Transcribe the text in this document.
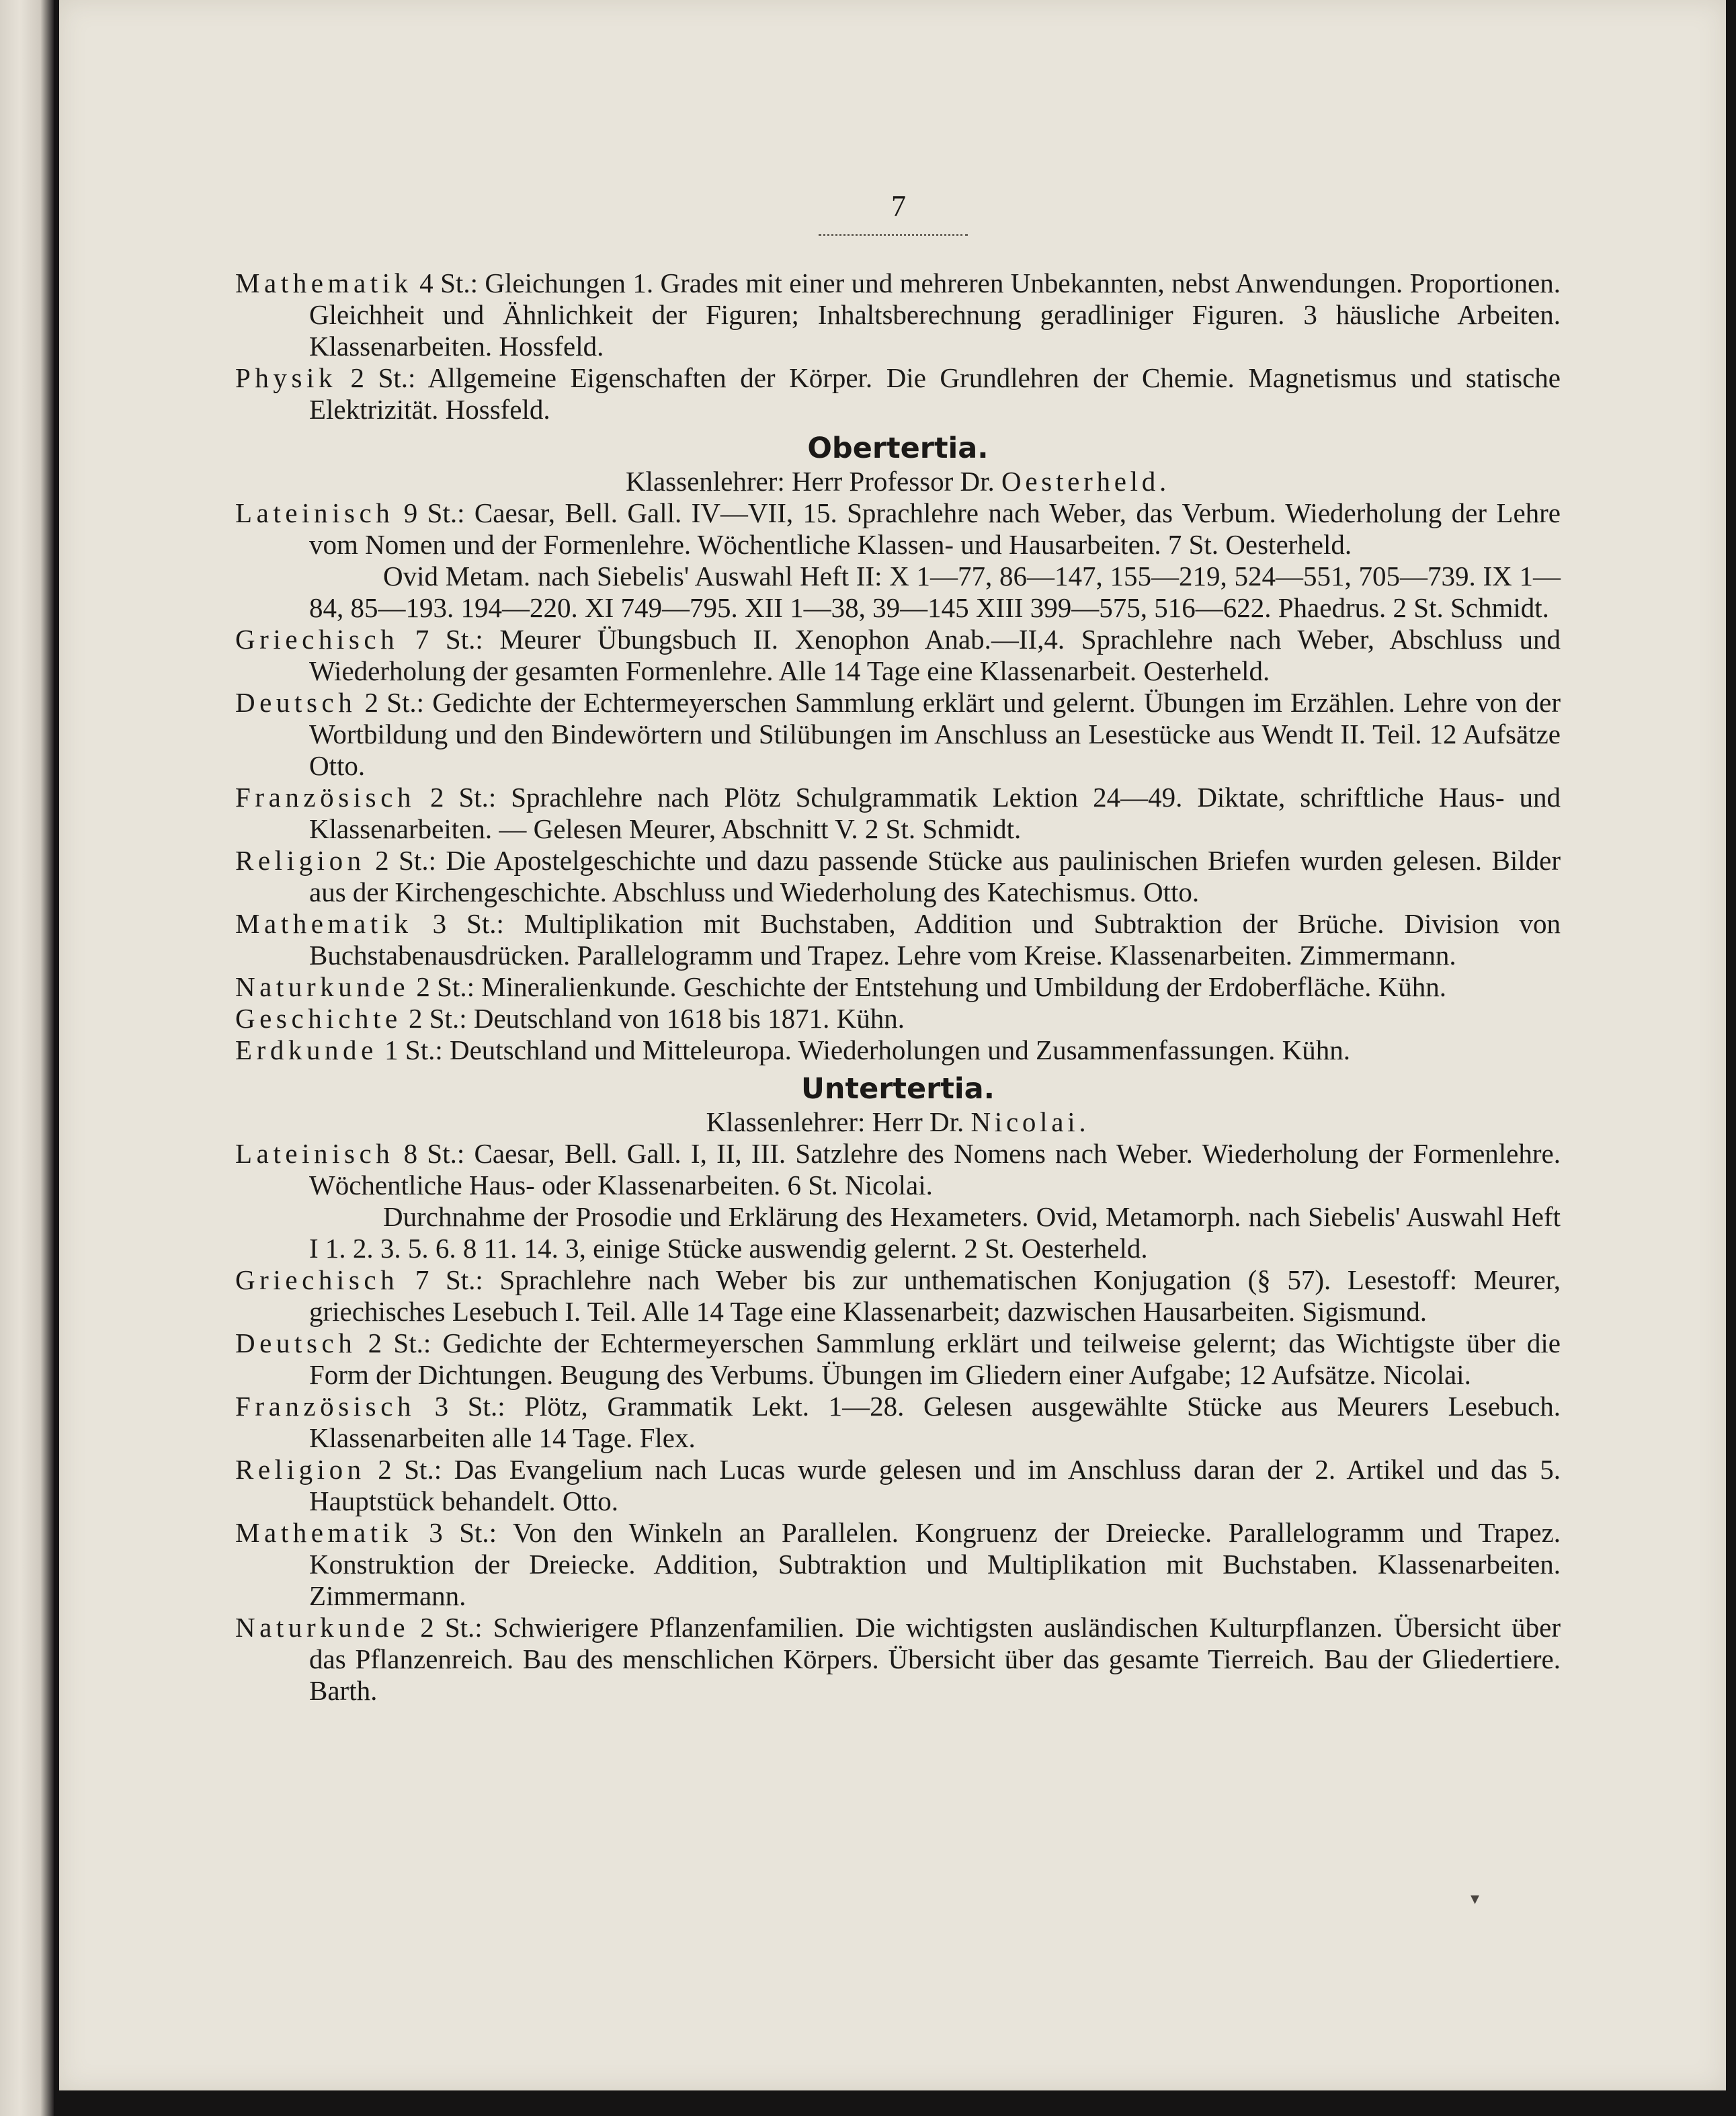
7

Mathematik 4 St.: Gleichungen 1. Grades mit einer und mehreren Unbekannten, nebst Anwendungen. Proportionen. Gleichheit und Ähnlichkeit der Figuren; Inhaltsberechnung geradliniger Figuren. 3 häusliche Arbeiten. Klassenarbeiten. Hossfeld.

Physik 2 St.: Allgemeine Eigenschaften der Körper. Die Grundlehren der Chemie. Magnetismus und statische Elektrizität. Hossfeld.

Obertertia.

Klassenlehrer: Herr Professor Dr. Oesterheld.

Lateinisch 9 St.: Caesar, Bell. Gall. IV—VII, 15. Sprachlehre nach Weber, das Verbum. Wiederholung der Lehre vom Nomen und der Formenlehre. Wöchentliche Klassen- und Hausarbeiten. 7 St. Oesterheld.

Ovid Metam. nach Siebelis' Auswahl Heft II: X 1—77, 86—147, 155—219, 524—551, 705—739. IX 1—84, 85—193. 194—220. XI 749—795. XII 1—38, 39—145 XIII 399—575, 516—622. Phaedrus. 2 St. Schmidt.

Griechisch 7 St.: Meurer Übungsbuch II. Xenophon Anab.—II,4. Sprachlehre nach Weber, Abschluss und Wiederholung der gesamten Formenlehre. Alle 14 Tage eine Klassenarbeit. Oesterheld.

Deutsch 2 St.: Gedichte der Echtermeyerschen Sammlung erklärt und gelernt. Übungen im Erzählen. Lehre von der Wortbildung und den Bindewörtern und Stilübungen im Anschluss an Lesestücke aus Wendt II. Teil. 12 Aufsätze Otto.

Französisch 2 St.: Sprachlehre nach Plötz Schulgrammatik Lektion 24—49. Diktate, schriftliche Haus- und Klassenarbeiten. — Gelesen Meurer, Abschnitt V. 2 St. Schmidt.

Religion 2 St.: Die Apostelgeschichte und dazu passende Stücke aus paulinischen Briefen wurden gelesen. Bilder aus der Kirchengeschichte. Abschluss und Wiederholung des Katechismus. Otto.

Mathematik 3 St.: Multiplikation mit Buchstaben, Addition und Subtraktion der Brüche. Division von Buchstabenausdrücken. Parallelogramm und Trapez. Lehre vom Kreise. Klassenarbeiten. Zimmermann.

Naturkunde 2 St.: Mineralienkunde. Geschichte der Entstehung und Umbildung der Erdoberfläche. Kühn.

Geschichte 2 St.: Deutschland von 1618 bis 1871. Kühn.

Erdkunde 1 St.: Deutschland und Mitteleuropa. Wiederholungen und Zusammenfassungen. Kühn.

Untertertia.

Klassenlehrer: Herr Dr. Nicolai.

Lateinisch 8 St.: Caesar, Bell. Gall. I, II, III. Satzlehre des Nomens nach Weber. Wiederholung der Formenlehre. Wöchentliche Haus- oder Klassenarbeiten. 6 St. Nicolai.

Durchnahme der Prosodie und Erklärung des Hexameters. Ovid, Metamorph. nach Siebelis' Auswahl Heft I 1. 2. 3. 5. 6. 8 11. 14. 3, einige Stücke auswendig gelernt. 2 St. Oesterheld.

Griechisch 7 St.: Sprachlehre nach Weber bis zur unthematischen Konjugation (§ 57). Lesestoff: Meurer, griechisches Lesebuch I. Teil. Alle 14 Tage eine Klassenarbeit; dazwischen Hausarbeiten. Sigismund.

Deutsch 2 St.: Gedichte der Echtermeyerschen Sammlung erklärt und teilweise gelernt; das Wichtigste über die Form der Dichtungen. Beugung des Verbums. Übungen im Gliedern einer Aufgabe; 12 Aufsätze. Nicolai.

Französisch 3 St.: Plötz, Grammatik Lekt. 1—28. Gelesen ausgewählte Stücke aus Meurers Lesebuch. Klassenarbeiten alle 14 Tage. Flex.

Religion 2 St.: Das Evangelium nach Lucas wurde gelesen und im Anschluss daran der 2. Artikel und das 5. Hauptstück behandelt. Otto.

Mathematik 3 St.: Von den Winkeln an Parallelen. Kongruenz der Dreiecke. Parallelogramm und Trapez. Konstruktion der Dreiecke. Addition, Subtraktion und Multiplikation mit Buchstaben. Klassenarbeiten. Zimmermann.

Naturkunde 2 St.: Schwierigere Pflanzenfamilien. Die wichtigsten ausländischen Kulturpflanzen. Übersicht über das Pflanzenreich. Bau des menschlichen Körpers. Übersicht über das gesamte Tierreich. Bau der Gliedertiere. Barth.

▾
